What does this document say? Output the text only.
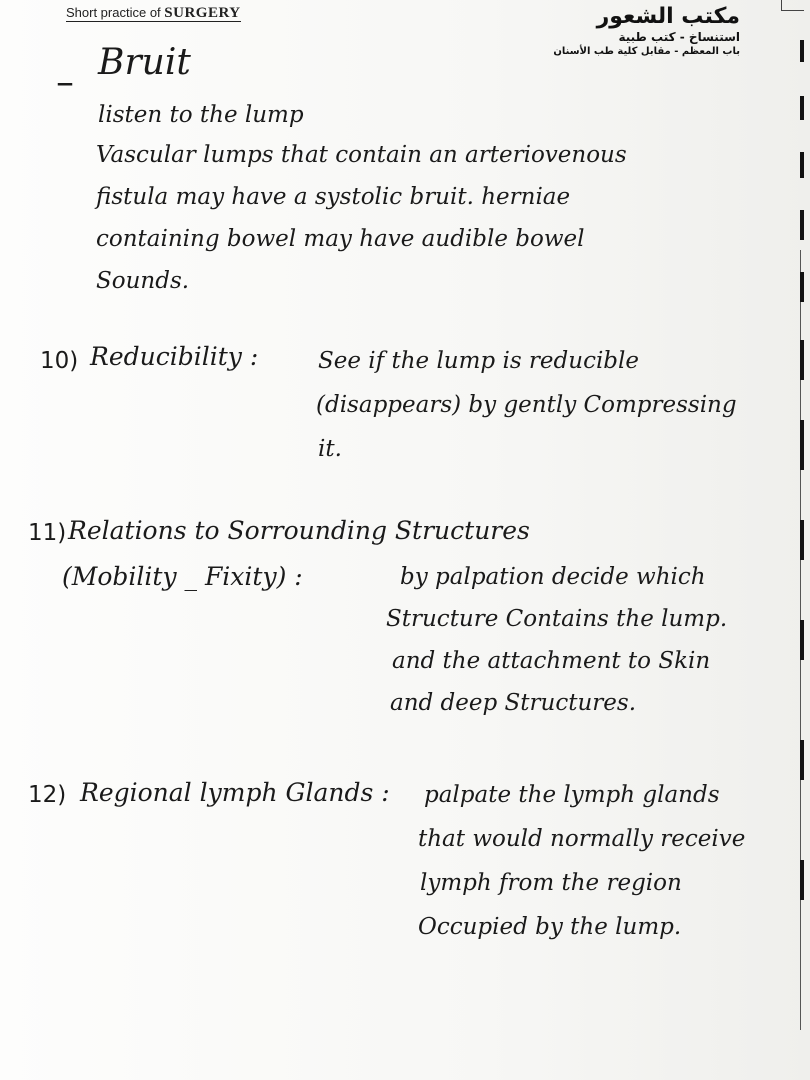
Short practice of SURGERY	مكتب الشعور
استنساخ - كتب طبية
باب المعظم - مقابل كلية طب الأسنان
– Bruit
listen to the lump
Vascular lumps that contain an arteriovenous
fistula may have a systolic bruit. herniae
containing bowel may have audible bowel
Sounds.
10) Reducibility :	See if the lump is reducible
(disappears) by gently Compressing
it.
11) Relations to Sorrounding Structures
(Mobility _ Fixity) :	by palpation decide which
Structure Contains the lump.
and the attachment to Skin
and deep Structures.
12) Regional lymph Glands : palpate the lymph glands
that would normally receive
lymph from the region
Occupied by the lump.
